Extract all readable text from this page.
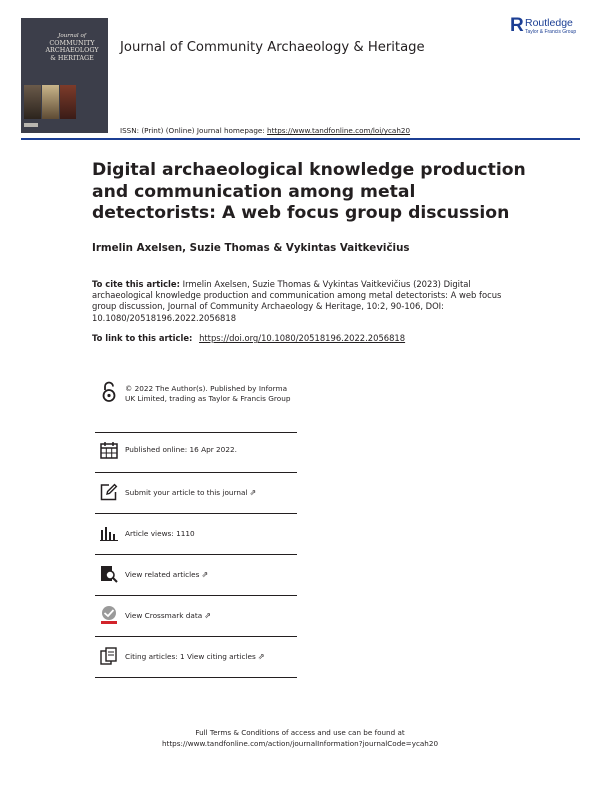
Journal of
COMMUNITY
ARCHAEOLOGY
& HERITAGE
Journal of Community Archaeology & Heritage
R Routledge
Taylor & Francis Group
ISSN: (Print) (Online) Journal homepage: https://www.tandfonline.com/loi/ycah20
Digital archaeological knowledge production and communication among metal detectorists: A web focus group discussion
Irmelin Axelsen, Suzie Thomas & Vykintas Vaitkevičius
To cite this article: Irmelin Axelsen, Suzie Thomas & Vykintas Vaitkevičius (2023) Digital archaeological knowledge production and communication among metal detectorists: A web focus group discussion, Journal of Community Archaeology & Heritage, 10:2, 90-106, DOI: 10.1080/20518196.2022.2056818
To link to this article: https://doi.org/10.1080/20518196.2022.2056818
© 2022 The Author(s). Published by Informa UK Limited, trading as Taylor & Francis Group
Published online: 16 Apr 2022.
Submit your article to this journal ⇗
Article views: 1110
View related articles ⇗
View Crossmark data ⇗
Citing articles: 1 View citing articles ⇗
Full Terms & Conditions of access and use can be found at
https://www.tandfonline.com/action/journalInformation?journalCode=ycah20
